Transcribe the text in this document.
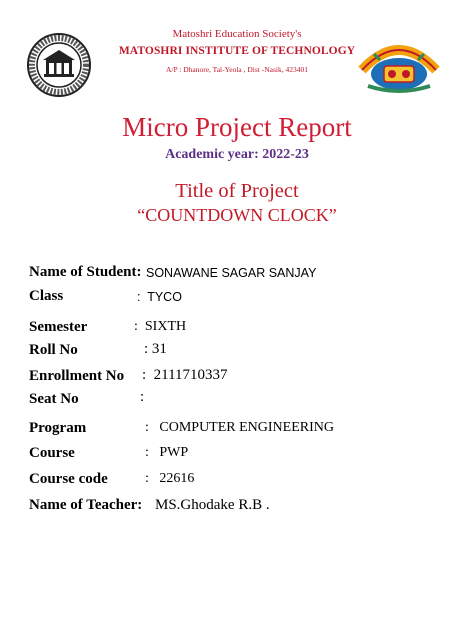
Matoshri Education Society's
MATOSHRI INSTITUTE OF TECHNOLOGY
A/P : Dhanore, Tal-Yeola , Dist -Nasik, 423401
Micro Project Report
Academic year: 2022-23
Title of Project
“COUNTDOWN CLOCK”
Name of Student: SONAWANE SAGAR SANJAY
Class	:  TYCO
Semester	:  SIXTH
Roll No	: 31
Enrollment No :  2111710337
Seat No	:
Program	:   COMPUTER ENGINEERING
Course	:   PWP
Course code	:   22616
Name of Teacher: MS.Ghodake R.B .
